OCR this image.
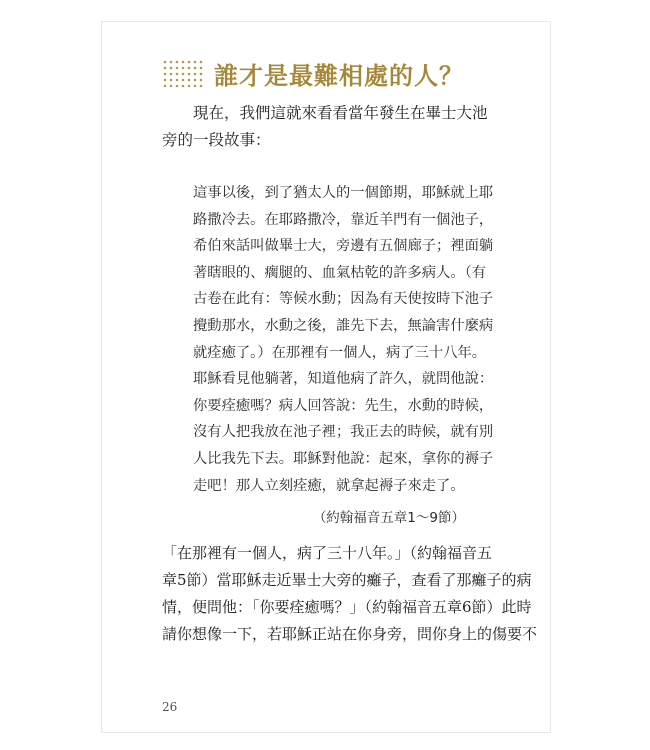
誰才是最難相處的人？

現在，我們這就來看看當年發生在畢士大池旁的一段故事：

這事以後，到了猶太人的一個節期，耶穌就上耶
路撒冷去。在耶路撒冷，靠近羊門有一個池子，
希伯來話叫做畢士大，旁邊有五個廊子；裡面躺
著瞎眼的、瘸腿的、血氣枯乾的許多病人。（有
古卷在此有：等候水動；因為有天使按時下池子
攪動那水，水動之後，誰先下去，無論害什麼病
就痊癒了。）在那裡有一個人，病了三十八年。
耶穌看見他躺著，知道他病了許久，就問他說：
你要痊癒嗎？病人回答說：先生，水動的時候，
沒有人把我放在池子裡；我正去的時候，就有別
人比我先下去。耶穌對他說：起來，拿你的褥子
走吧！那人立刻痊癒，就拿起褥子來走了。
（約翰福音五章1～9節）
「在那裡有一個人，病了三十八年。」（約翰福音五
章5節）當耶穌走近畢士大旁的癱子，查看了那癱子的病
情，便問他：「你要痊癒嗎？」（約翰福音五章6節）此時
請你想像一下，若耶穌正站在你身旁，問你身上的傷要不
26
